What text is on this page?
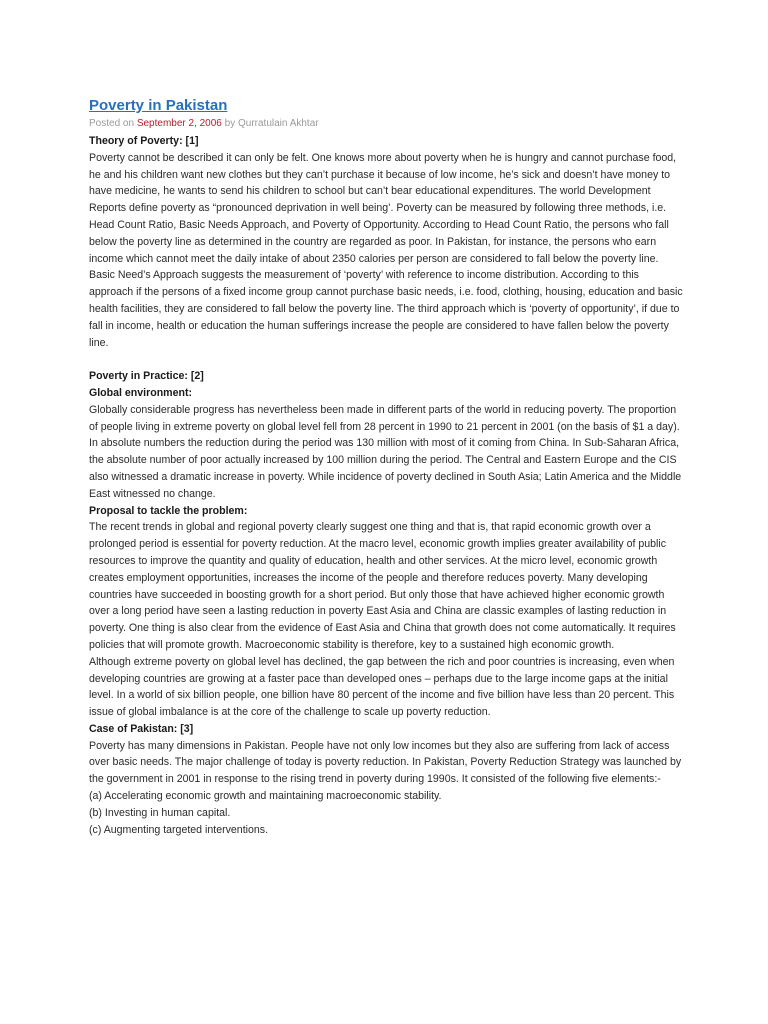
Poverty in Pakistan
Posted on September 2, 2006 by Qurratulain Akhtar
Theory of Poverty: [1]

Poverty cannot be described it can only be felt. One knows more about poverty when he is hungry and cannot purchase food, he and his children want new clothes but they can’t purchase it because of low income, he’s sick and doesn’t have money to have medicine, he wants to send his children to school but can’t bear educational expenditures. The world Development Reports define poverty as “pronounced deprivation in well being’. Poverty can be measured by following three methods, i.e. Head Count Ratio, Basic Needs Approach, and Poverty of Opportunity. According to Head Count Ratio, the persons who fall below the poverty line as determined in the country are regarded as poor. In Pakistan, for instance, the persons who earn income which cannot meet the daily intake of about 2350 calories per person are considered to fall below the poverty line. Basic Need’s Approach suggests the measurement of ‘poverty’ with reference to income distribution. According to this approach if the persons of a fixed income group cannot purchase basic needs, i.e. food, clothing, housing, education and basic health facilities, they are considered to fall below the poverty line. The third approach which is ‘poverty of opportunity’, if due to fall in income, health or education the human sufferings increase the people are considered to have fallen below the poverty line.

Poverty in Practice: [2]
Global environment:

Globally considerable progress has nevertheless been made in different parts of the world in reducing poverty. The proportion of people living in extreme poverty on global level fell from 28 percent in 1990 to 21 percent in 2001 (on the basis of $1 a day). In absolute numbers the reduction during the period was 130 million with most of it coming from China. In Sub-Saharan Africa, the absolute number of poor actually increased by 100 million during the period. The Central and Eastern Europe and the CIS also witnessed a dramatic increase in poverty. While incidence of poverty declined in South Asia; Latin America and the Middle East witnessed no change.

Proposal to tackle the problem:

The recent trends in global and regional poverty clearly suggest one thing and that is, that rapid economic growth over a prolonged period is essential for poverty reduction. At the macro level, economic growth implies greater availability of public resources to improve the quantity and quality of education, health and other services. At the micro level, economic growth creates employment opportunities, increases the income of the people and therefore reduces poverty. Many developing countries have succeeded in boosting growth for a short period. But only those that have achieved higher economic growth over a long period have seen a lasting reduction in poverty East Asia and China are classic examples of lasting reduction in poverty. One thing is also clear from the evidence of East Asia and China that growth does not come automatically. It requires policies that will promote growth. Macroeconomic stability is therefore, key to a sustained high economic growth.

Although extreme poverty on global level has declined, the gap between the rich and poor countries is increasing, even when developing countries are growing at a faster pace than developed ones – perhaps due to the large income gaps at the initial level. In a world of six billion people, one billion have 80 percent of the income and five billion have less than 20 percent. This issue of global imbalance is at the core of the challenge to scale up poverty reduction.

Case of Pakistan: [3]

Poverty has many dimensions in Pakistan. People have not only low incomes but they also are suffering from lack of access over basic needs. The major challenge of today is poverty reduction. In Pakistan, Poverty Reduction Strategy was launched by the government in 2001 in response to the rising trend in poverty during 1990s. It consisted of the following five elements:-

(a) Accelerating economic growth and maintaining macroeconomic stability.

(b) Investing in human capital.

(c) Augmenting targeted interventions.
